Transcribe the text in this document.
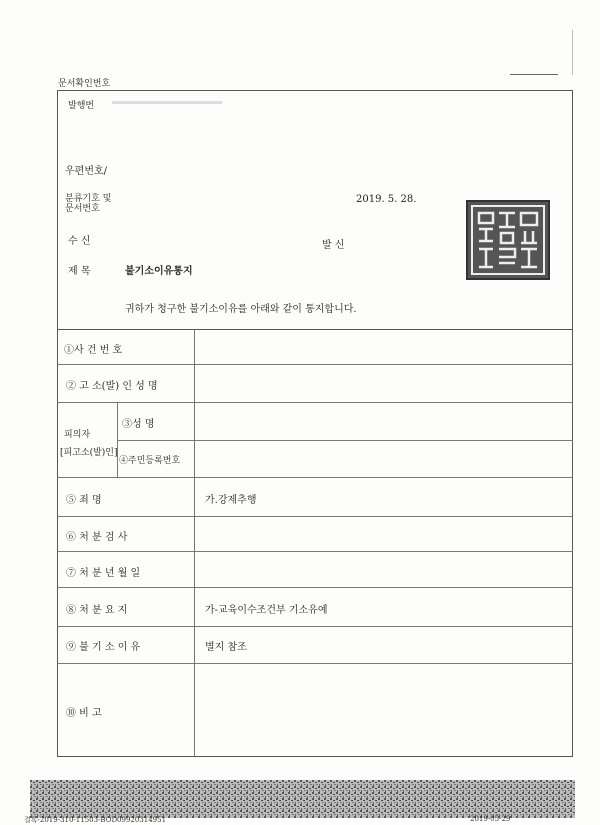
문서확인번호
발행번
우편번호/
분류기호 및
문서번호
2019. 5. 28.
수 신	발 신
제 목	불기소이유통지
귀하가 청구한 불기소이유를 아래와 같이 통지합니다.
①사 건 번 호
② 고 소(발) 인 성 명
피의자
[피고소(발)인]
③성 명
④주민등록번호
⑤ 죄 명	가.강제추행
⑥ 처 분 검 사
⑦ 처 분 년 월 일
⑧ 처 분 요 지	가-교육이수조건부 기소유예
⑨ 불 기 소 이 유	별지 참조
⑩ 비 고
결록-2019-310-11503-BOD09920314951	2019-05-29
